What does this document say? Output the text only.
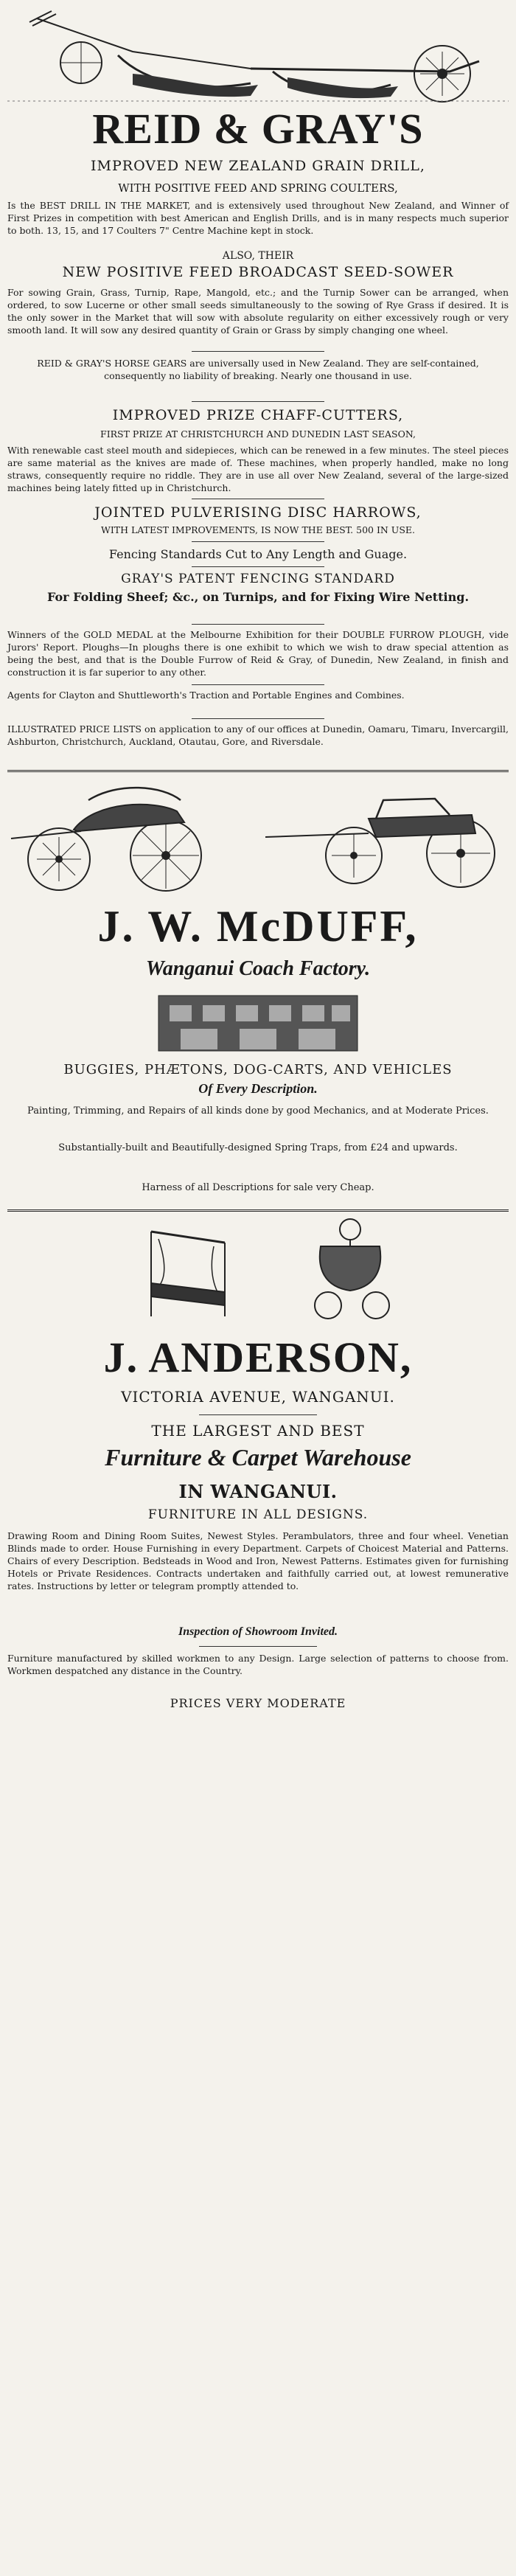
REID & GRAY'S

IMPROVED NEW ZEALAND GRAIN DRILL,

WITH POSITIVE FEED AND SPRING COULTERS,

Is the BEST DRILL IN THE MARKET, and is extensively used throughout New Zealand, and Winner of First Prizes in competition with best American and English Drills, and is in many respects much superior to both. 13, 15, and 17 Coulters 7" Centre Machine kept in stock.

ALSO, THEIR

NEW POSITIVE FEED BROADCAST SEED-SOWER

For sowing Grain, Grass, Turnip, Rape, Mangold, etc.; and the Turnip Sower can be arranged, when ordered, to sow Lucerne or other small seeds simultaneously to the sowing of Rye Grass if desired. It is the only sower in the Market that will sow with absolute regularity on either excessively rough or very smooth land. It will sow any desired quantity of Grain or Grass by simply changing one wheel.

REID & GRAY'S HORSE GEARS are universally used in New Zealand. They are self-contained, consequently no liability of breaking. Nearly one thousand in use.

IMPROVED PRIZE CHAFF-CUTTERS,

FIRST PRIZE AT CHRISTCHURCH AND DUNEDIN LAST SEASON,

With renewable cast steel mouth and sidepieces, which can be renewed in a few minutes. The steel pieces are same material as the knives are made of. These machines, when properly handled, make no long straws, consequently require no riddle. They are in use all over New Zealand, several of the large-sized machines being lately fitted up in Christchurch.

JOINTED PULVERISING DISC HARROWS,

WITH LATEST IMPROVEMENTS, IS NOW THE BEST. 500 IN USE.

Fencing Standards Cut to Any Length and Guage.

GRAY'S PATENT FENCING STANDARD

For Folding Sheef; &c., on Turnips, and for Fixing Wire Netting.

Winners of the GOLD MEDAL at the Melbourne Exhibition for their DOUBLE FURROW PLOUGH, vide Jurors' Report. Ploughs—In ploughs there is one exhibit to which we wish to draw special attention as being the best, and that is the Double Furrow of Reid & Gray, of Dunedin, New Zealand, in finish and construction it is far superior to any other.

Agents for Clayton and Shuttleworth's Traction and Portable Engines and Combines.

ILLUSTRATED PRICE LISTS on application to any of our offices at Dunedin, Oamaru, Timaru, Invercargill, Ashburton, Christchurch, Auckland, Otautau, Gore, and Riversdale.

J. W. McDUFF,

Wanganui Coach Factory.

BUGGIES, PHÆTONS, DOG-CARTS, AND VEHICLES

Of Every Description.

Painting, Trimming, and Repairs of all kinds done by good Mechanics, and at Moderate Prices.

Substantially-built and Beautifully-designed Spring Traps, from £24 and upwards.

Harness of all Descriptions for sale very Cheap.

J. ANDERSON,

VICTORIA AVENUE, WANGANUI.

THE LARGEST AND BEST

Furniture & Carpet Warehouse

IN WANGANUI.

FURNITURE IN ALL DESIGNS.

Drawing Room and Dining Room Suites, Newest Styles. Perambulators, three and four wheel. Venetian Blinds made to order. House Furnishing in every Department. Carpets of Choicest Material and Patterns. Chairs of every Description. Bedsteads in Wood and Iron, Newest Patterns. Estimates given for furnishing Hotels or Private Residences. Contracts undertaken and faithfully carried out, at lowest remunerative rates. Instructions by letter or telegram promptly attended to.

Inspection of Showroom Invited.

Furniture manufactured by skilled workmen to any Design. Large selection of patterns to choose from. Workmen despatched any distance in the Country.

PRICES VERY MODERATE
